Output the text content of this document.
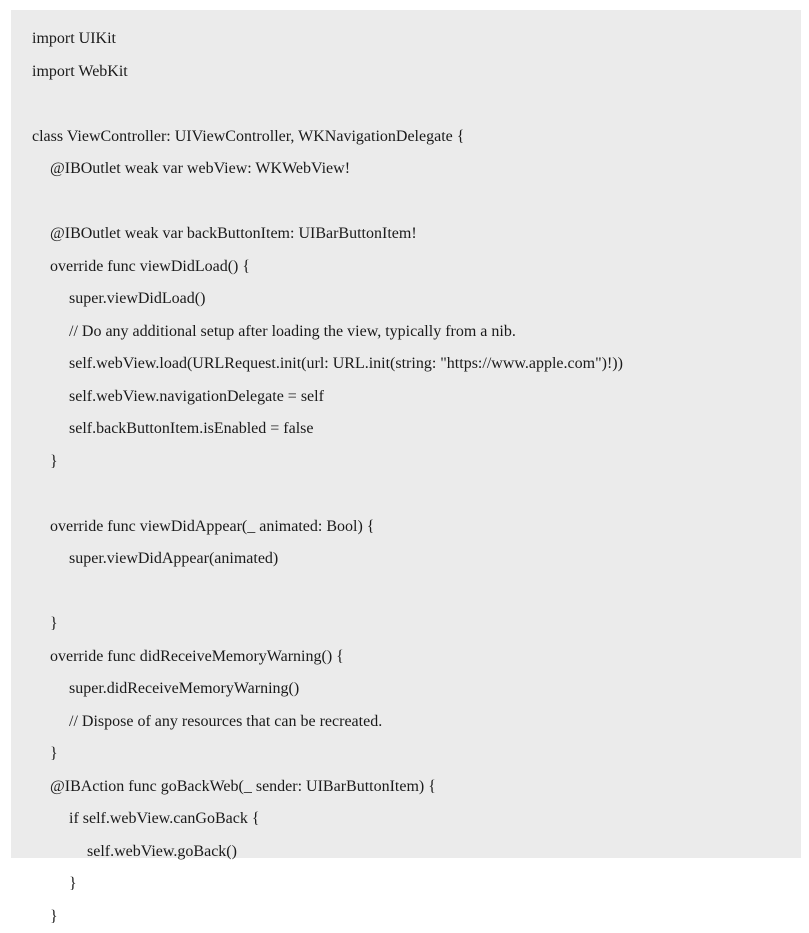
import UIKit
import WebKit
class ViewController: UIViewController, WKNavigationDelegate {
@IBOutlet weak var webView: WKWebView!
@IBOutlet weak var backButtonItem: UIBarButtonItem!
override func viewDidLoad() {
super.viewDidLoad()
// Do any additional setup after loading the view, typically from a nib.
self.webView.load(URLRequest.init(url: URL.init(string: "https://www.apple.com")!))
self.webView.navigationDelegate = self
self.backButtonItem.isEnabled = false
}
override func viewDidAppear(_ animated: Bool) {
super.viewDidAppear(animated)
}
override func didReceiveMemoryWarning() {
super.didReceiveMemoryWarning()
// Dispose of any resources that can be recreated.
}
@IBAction func goBackWeb(_ sender: UIBarButtonItem) {
if self.webView.canGoBack {
self.webView.goBack()
}
}
